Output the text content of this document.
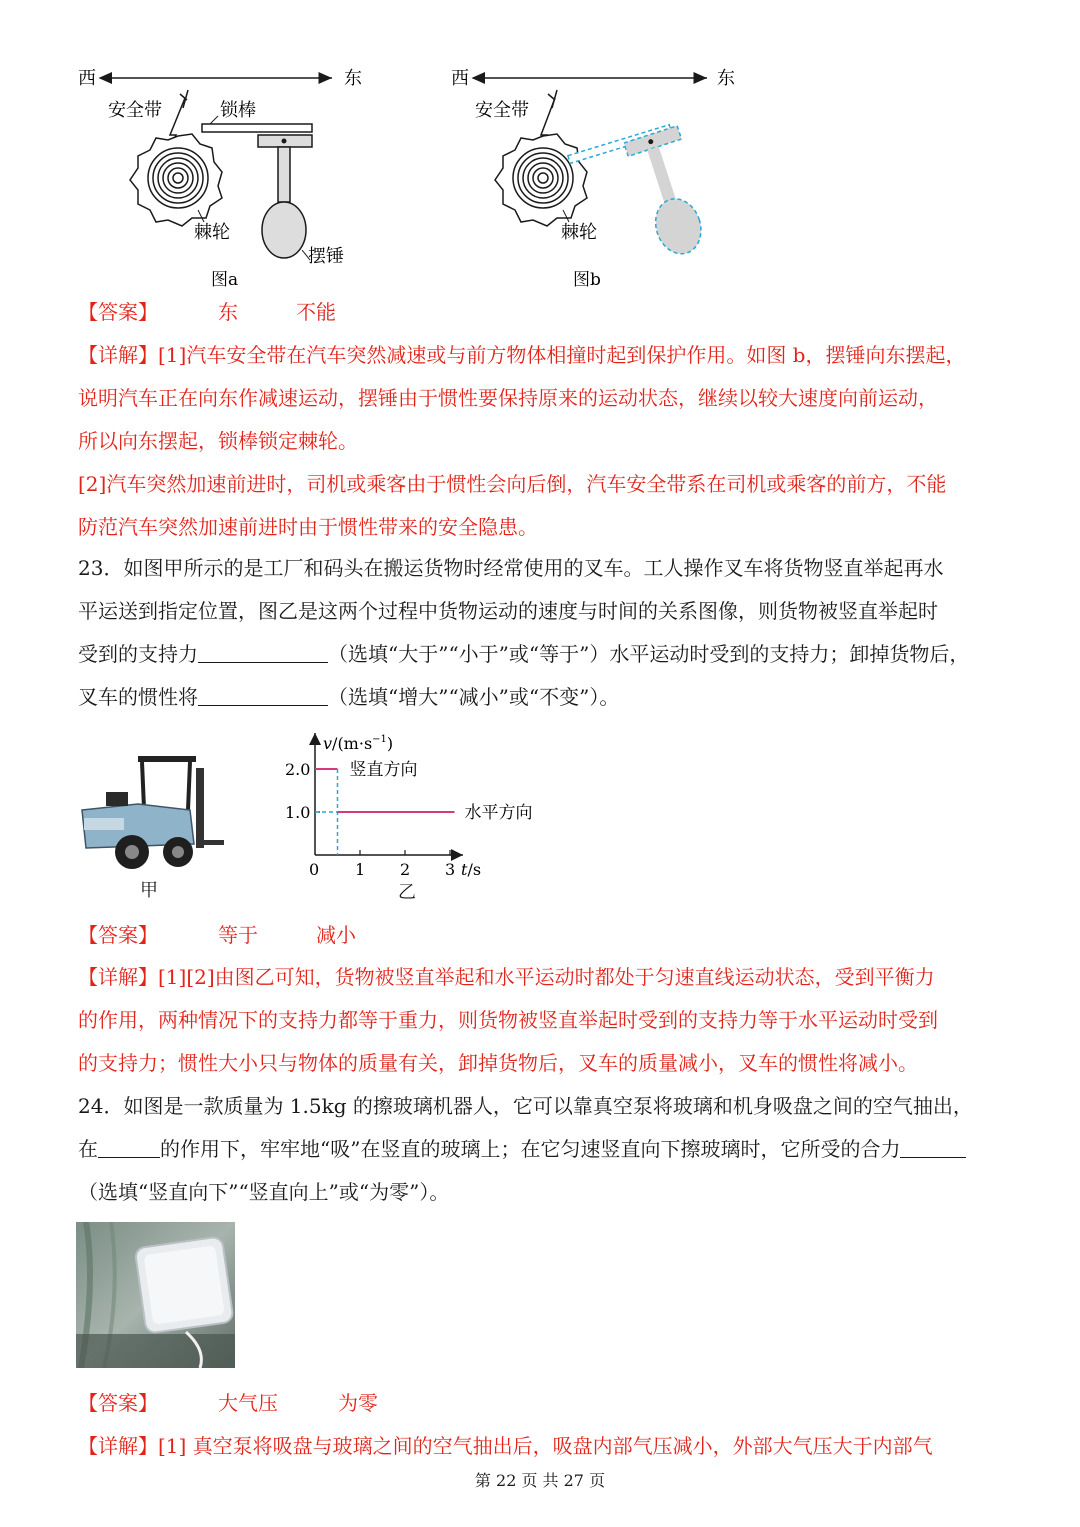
西	东
安全带	锁棒
棘轮
摆锤
图a
西	东
安全带
棘轮
图b
【答案】	东	不能
【详解】[1]汽车安全带在汽车突然减速或与前方物体相撞时起到保护作用。如图 b，摆锤向东摆起，
说明汽车正在向东作减速运动，摆锤由于惯性要保持原来的运动状态，继续以较大速度向前运动，
所以向东摆起，锁棒锁定棘轮。
[2]汽车突然加速前进时，司机或乘客由于惯性会向后倒，汽车安全带系在司机或乘客的前方，不能
防范汽车突然加速前进时由于惯性带来的安全隐患。
23．如图甲所示的是工厂和码头在搬运货物时经常使用的叉车。工人操作叉车将货物竖直举起再水
平运送到指定位置，图乙是这两个过程中货物运动的速度与时间的关系图像，则货物被竖直举起时
受到的支持力	（选填“大于”“小于”或“等于”）水平运动时受到的支持力；卸掉货物后，
叉车的惯性将	（选填“增大”“减小”或“不变”）。
甲
$v/(m\cdot s^{-1})$
0	t/s
1 2 3
1.0
2.0 竖直方向
水平方向
乙
【答案】	等于	减小
【详解】[1][2]由图乙可知，货物被竖直举起和水平运动时都处于匀速直线运动状态，受到平衡力
的作用，两种情况下的支持力都等于重力，则货物被竖直举起时受到的支持力等于水平运动时受到
的支持力；惯性大小只与物体的质量有关，卸掉货物后，叉车的质量减小，叉车的惯性将减小。
24．如图是一款质量为 1.5kg 的擦玻璃机器人，它可以靠真空泵将玻璃和机身吸盘之间的空气抽出，
在	的作用下，牢牢地“吸”在竖直的玻璃上；在它匀速竖直向下擦玻璃时，它所受的合力
（选填“竖直向下”“竖直向上”或“为零”）。
【答案】	大气压	为零
【详解】[1] 真空泵将吸盘与玻璃之间的空气抽出后，吸盘内部气压减小，外部大气压大于内部气
第 22 页 共 27 页
